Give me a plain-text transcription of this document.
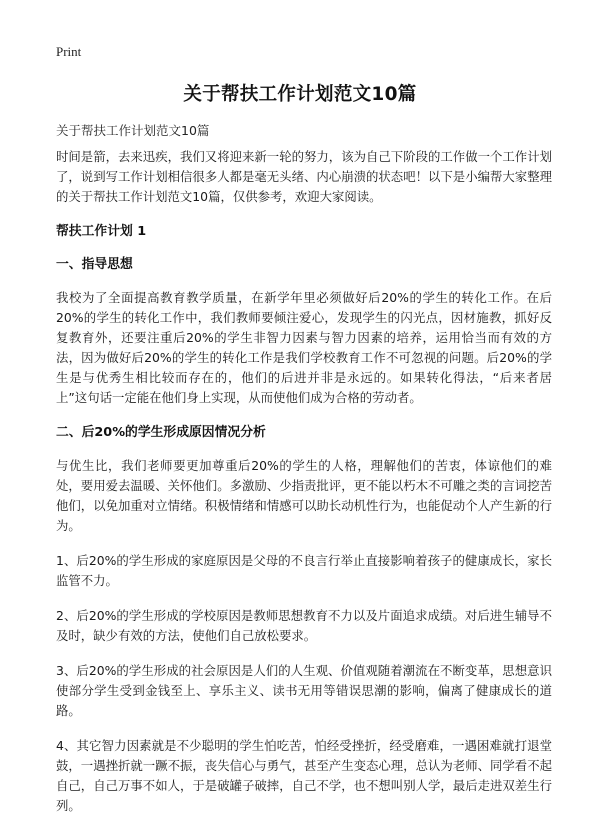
Print
关于帮扶工作计划范文10篇
关于帮扶工作计划范文10篇

时间是箭，去来迅疾，我们又将迎来新一轮的努力，该为自己下阶段的工作做一个工作计划了，说到写工作计划相信很多人都是毫无头绪、内心崩溃的状态吧！以下是小编帮大家整理的关于帮扶工作计划范文10篇，仅供参考，欢迎大家阅读。

帮扶工作计划 1
一、指导思想

我校为了全面提高教育教学质量，在新学年里必须做好后20%的学生的转化工作。在后20%的学生的转化工作中，我们教师要倾注爱心，发现学生的闪光点，因材施教，抓好反复教育外，还要注重后20%的学生非智力因素与智力因素的培养，运用恰当而有效的方法，因为做好后20%的学生的转化工作是我们学校教育工作不可忽视的问题。后20%的学生是与优秀生相比较而存在的，他们的后进并非是永远的。如果转化得法，“后来者居上”这句话一定能在他们身上实现，从而使他们成为合格的劳动者。

二、后20%的学生形成原因情况分析

与优生比，我们老师要更加尊重后20%的学生的人格，理解他们的苦衷，体谅他们的难处，要用爱去温暖、关怀他们。多激励、少指责批评，更不能以朽木不可雕之类的言词挖苦他们，以免加重对立情绪。积极情绪和情感可以助长动机性行为，也能促动个人产生新的行为。

1、后20%的学生形成的家庭原因是父母的不良言行举止直接影响着孩子的健康成长，家长监管不力。

2、后20%的学生形成的学校原因是教师思想教育不力以及片面追求成绩。对后进生辅导不及时，缺少有效的方法，使他们自己放松要求。

3、后20%的学生形成的社会原因是人们的人生观、价值观随着潮流在不断变革，思想意识使部分学生受到金钱至上、享乐主义、读书无用等错误思潮的影响，偏离了健康成长的道路。

4、其它智力因素就是不少聪明的学生怕吃苦，怕经受挫折，经受磨难，一遇困难就打退堂鼓，一遇挫折就一蹶不振，丧失信心与勇气，甚至产生变态心理，总认为老师、同学看不起自己，自己万事不如人，于是破罐子破摔，自己不学，也不想叫别人学，最后走进双差生行列。
